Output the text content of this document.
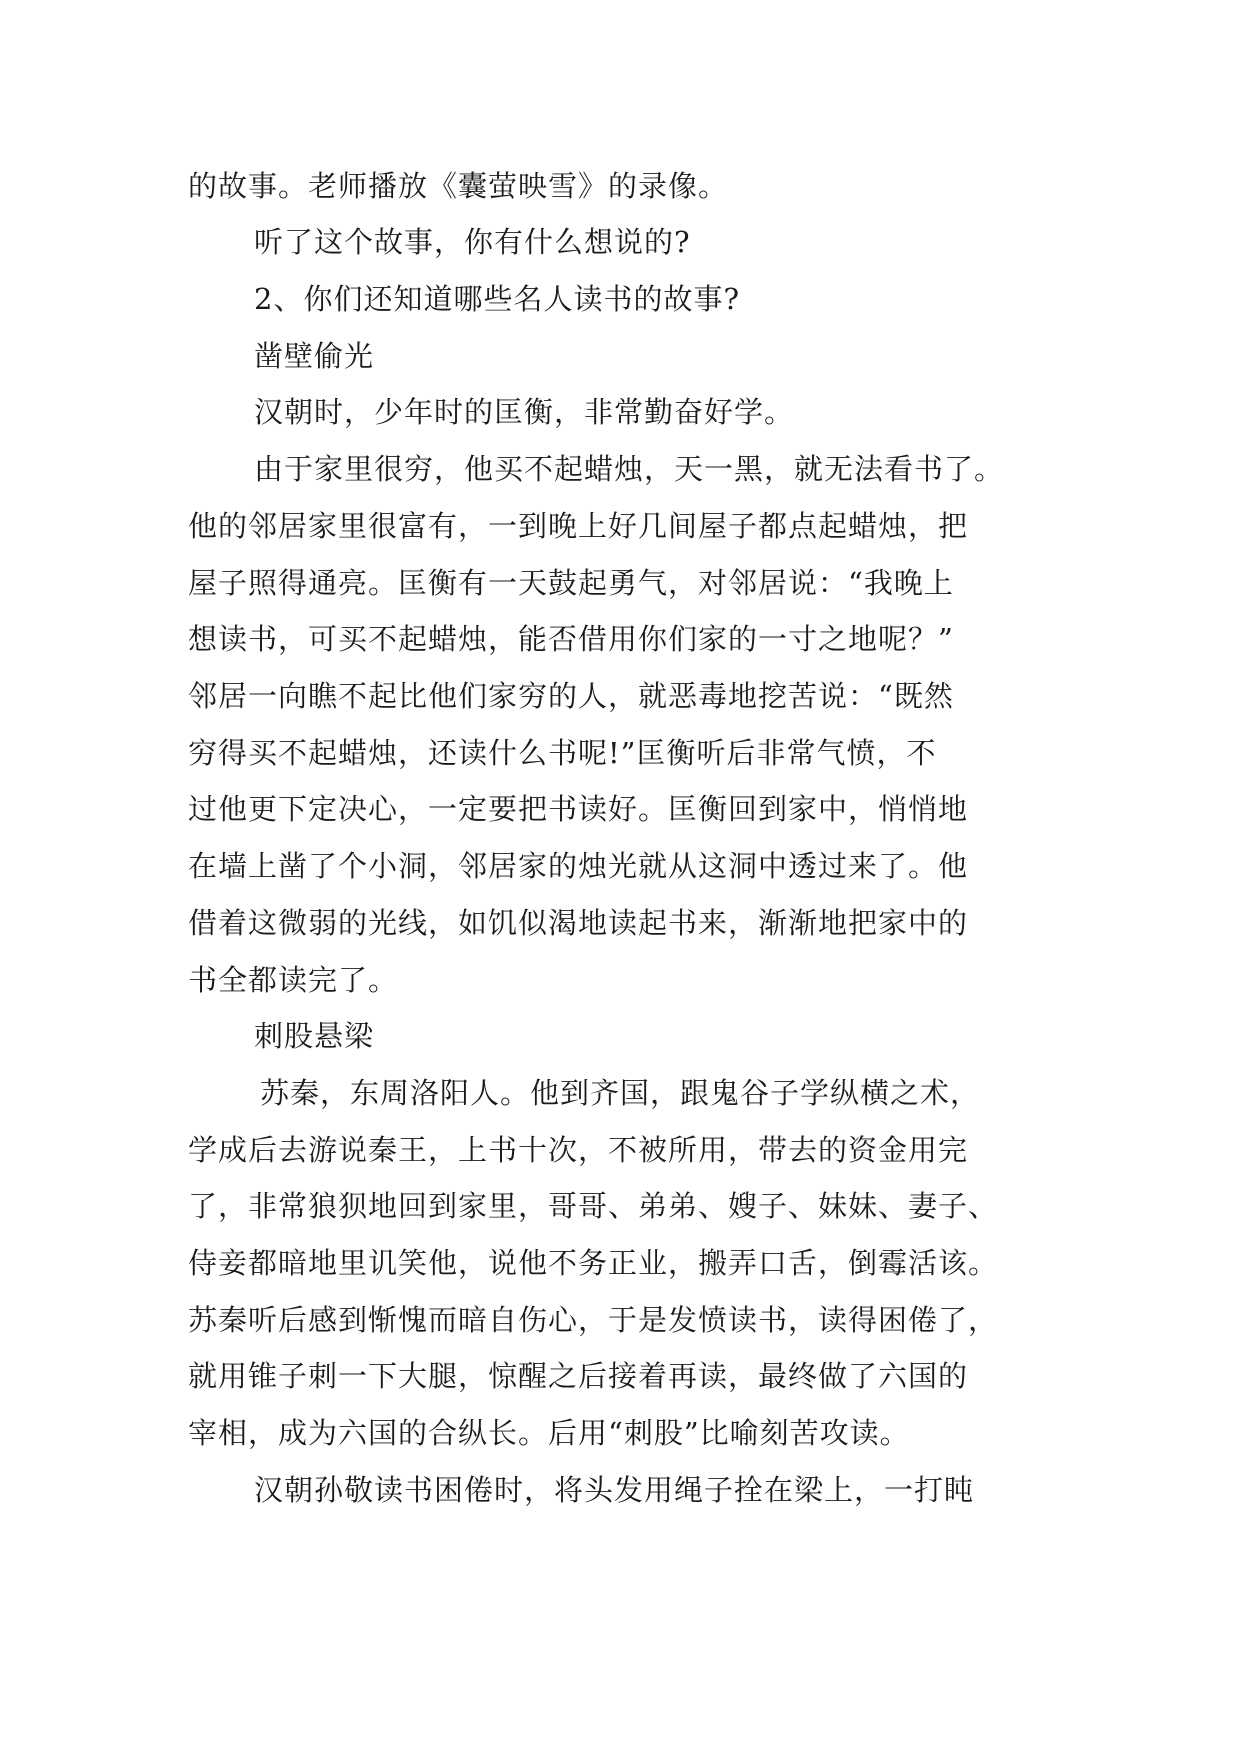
的故事。老师播放《囊萤映雪》的录像。
听了这个故事，你有什么想说的?
2、你们还知道哪些名人读书的故事?
凿壁偷光
汉朝时，少年时的匡衡，非常勤奋好学。
由于家里很穷，他买不起蜡烛，天一黑，就无法看书了。
他的邻居家里很富有，一到晚上好几间屋子都点起蜡烛，把
屋子照得通亮。匡衡有一天鼓起勇气，对邻居说：“我晚上
想读书，可买不起蜡烛，能否借用你们家的一寸之地呢？”
邻居一向瞧不起比他们家穷的人，就恶毒地挖苦说：“既然
穷得买不起蜡烛，还读什么书呢!”匡衡听后非常气愤，不
过他更下定决心，一定要把书读好。匡衡回到家中，悄悄地
在墙上凿了个小洞，邻居家的烛光就从这洞中透过来了。他
借着这微弱的光线，如饥似渴地读起书来，渐渐地把家中的
书全都读完了。
刺股悬梁
苏秦，东周洛阳人。他到齐国，跟鬼谷子学纵横之术，
学成后去游说秦王，上书十次，不被所用，带去的资金用完
了，非常狼狈地回到家里，哥哥、弟弟、嫂子、妹妹、妻子、
侍妾都暗地里讥笑他，说他不务正业，搬弄口舌，倒霉活该。
苏秦听后感到惭愧而暗自伤心，于是发愤读书，读得困倦了，
就用锥子刺一下大腿，惊醒之后接着再读，最终做了六国的
宰相，成为六国的合纵长。后用“刺股”比喻刻苦攻读。
汉朝孙敬读书困倦时，将头发用绳子拴在梁上，一打盹
